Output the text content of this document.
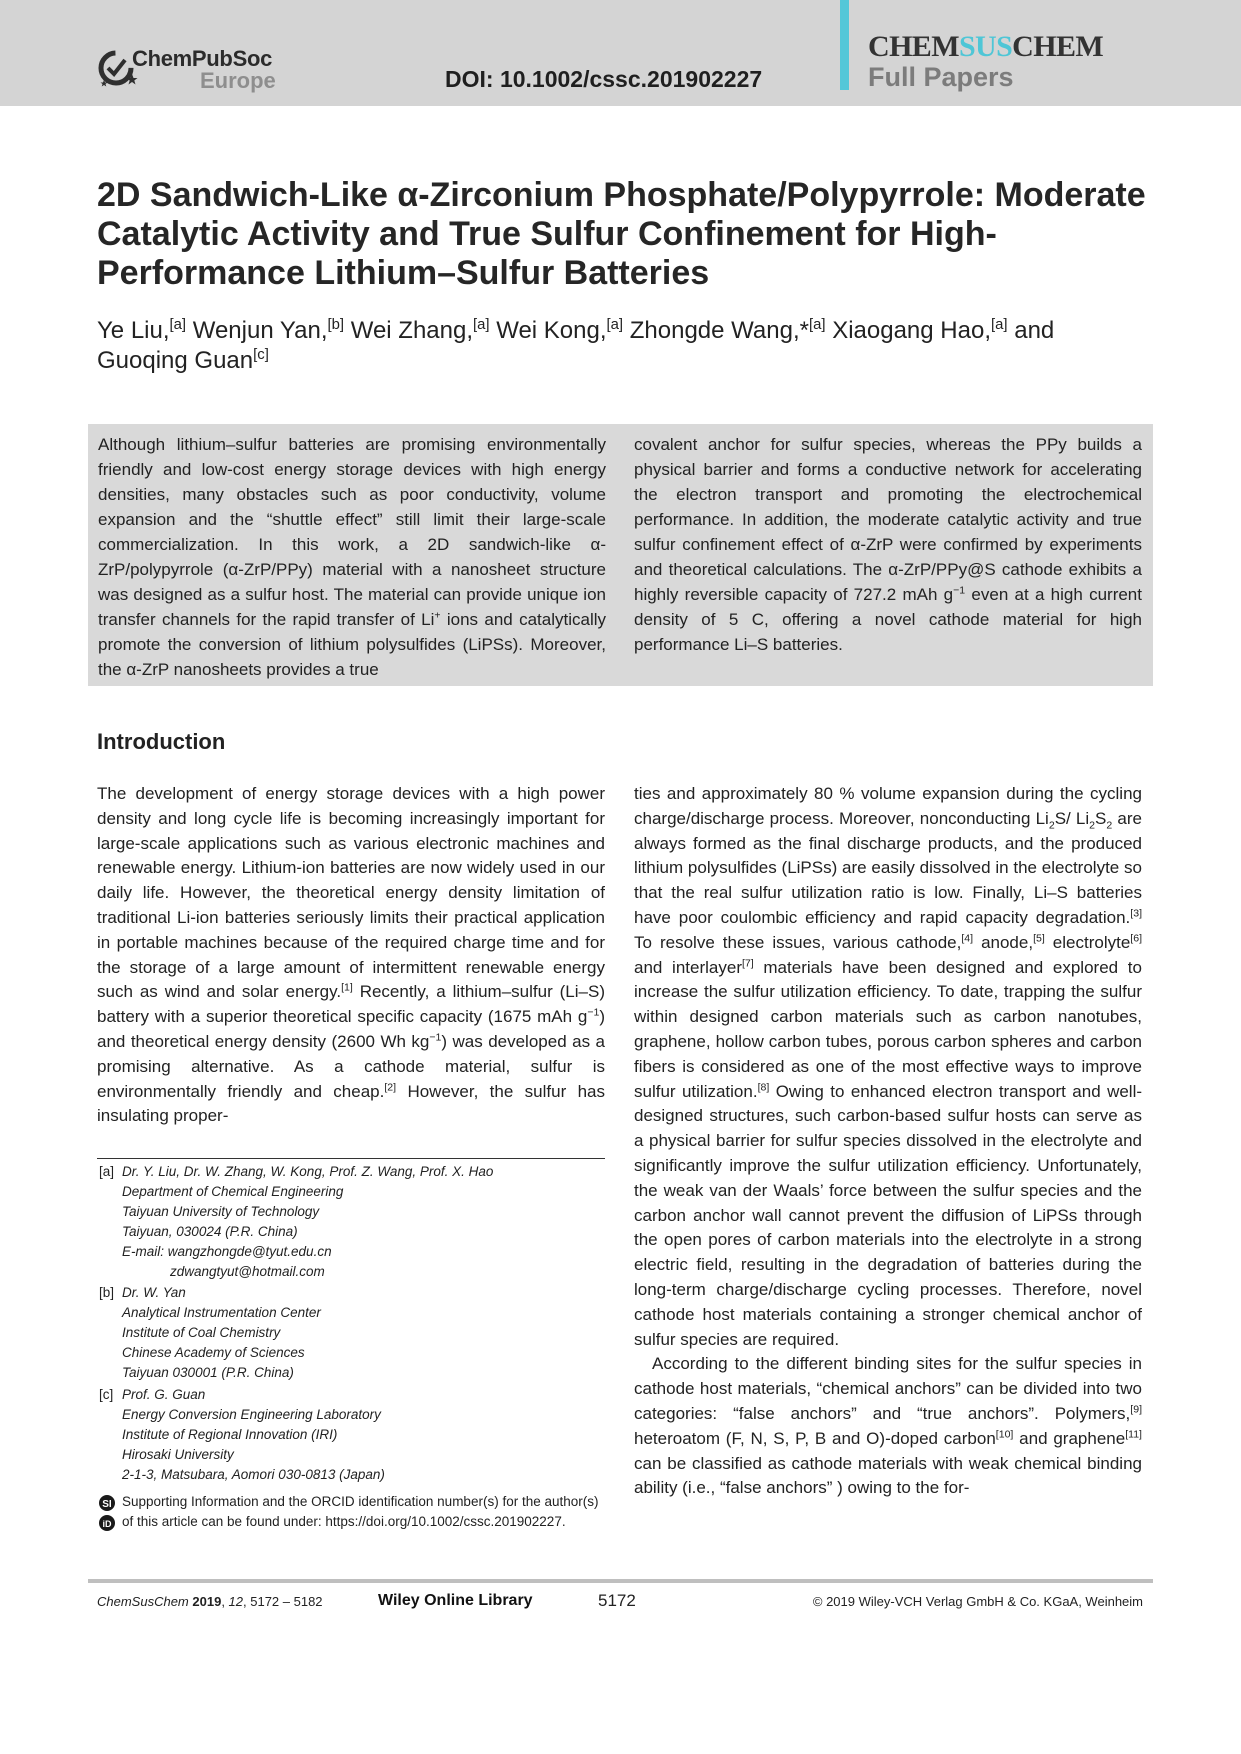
ChemPubSoc
Europe	DOI: 10.1002/cssc.201902227
CHEMSUSCHEM
Full Papers
2D Sandwich-Like α-Zirconium Phosphate/Polypyrrole: Moderate Catalytic Activity and True Sulfur Confinement for High-Performance Lithium–Sulfur Batteries

Ye Liu,[a] Wenjun Yan,[b] Wei Zhang,[a] Wei Kong,[a] Zhongde Wang,*[a] Xiaogang Hao,[a] and Guoqing Guan[c]

Although lithium–sulfur batteries are promising environmentally friendly and low-cost energy storage devices with high energy densities, many obstacles such as poor conductivity, volume expansion and the “shuttle effect” still limit their large-scale commercialization. In this work, a 2D sandwich-like α-ZrP/polypyrrole (α-ZrP/PPy) material with a nanosheet structure was designed as a sulfur host. The material can provide unique ion transfer channels for the rapid transfer of Li+ ions and catalytically promote the conversion of lithium polysulfides (LiPSs). Moreover, the α-ZrP nanosheets provides a true

covalent anchor for sulfur species, whereas the PPy builds a physical barrier and forms a conductive network for accelerating the electron transport and promoting the electrochemical performance. In addition, the moderate catalytic activity and true sulfur confinement effect of α-ZrP were confirmed by experiments and theoretical calculations. The α-ZrP/PPy@S cathode exhibits a highly reversible capacity of 727.2 mAh $g^{-1}$ even at a high current density of 5 C, offering a novel cathode material for high performance Li–S batteries.

Introduction

The development of energy storage devices with a high power density and long cycle life is becoming increasingly important for large-scale applications such as various electronic machines and renewable energy. Lithium-ion batteries are now widely used in our daily life. However, the theoretical energy density limitation of traditional Li-ion batteries seriously limits their practical application in portable machines because of the required charge time and for the storage of a large amount of intermittent renewable energy such as wind and solar energy.[1] Recently, a lithium–sulfur (Li–S) battery with a superior theoretical specific capacity (1675 mAh $g^{-1}$) and theoretical energy density (2600 Wh $kg^{-1}$) was developed as a promising alternative. As a cathode material, sulfur is environmentally friendly and cheap.[2] However, the sulfur has insulating proper-

ties and approximately 80 % volume expansion during the cycling charge/discharge process. Moreover, nonconducting $Li_2S/$ $Li_2S_2$ are always formed as the final discharge products, and the produced lithium polysulfides (LiPSs) are easily dissolved in the electrolyte so that the real sulfur utilization ratio is low. Finally, Li–S batteries have poor coulombic efficiency and rapid capacity degradation.[3] To resolve these issues, various cathode,[4] anode,[5] electrolyte[6] and interlayer[7] materials have been designed and explored to increase the sulfur utilization efficiency. To date, trapping the sulfur within designed carbon materials such as carbon nanotubes, graphene, hollow carbon tubes, porous carbon spheres and carbon fibers is considered as one of the most effective ways to improve sulfur utilization.[8] Owing to enhanced electron transport and well-designed structures, such carbon-based sulfur hosts can serve as a physical barrier for sulfur species dissolved in the electrolyte and significantly improve the sulfur utilization efficiency. Unfortunately, the weak van der Waals’ force between the sulfur species and the carbon anchor wall cannot prevent the diffusion of LiPSs through the open pores of carbon materials into the electrolyte in a strong electric field, resulting in the degradation of batteries during the long-term charge/discharge cycling processes. Therefore, novel cathode host materials containing a stronger chemical anchor of sulfur species are required.

According to the different binding sites for the sulfur species in cathode host materials, “chemical anchors” can be divided into two categories: “false anchors” and “true anchors”. Polymers,[9] heteroatom (F, N, S, P, B and O)-doped carbon[10] and graphene[11] can be classified as cathode materials with weak chemical binding ability (i.e., “false anchors” ) owing to the for-

[a] Dr. Y. Liu, Dr. W. Zhang, W. Kong, Prof. Z. Wang, Prof. X. Hao
Department of Chemical Engineering
Taiyuan University of Technology
Taiyuan, 030024 (P.R. China)
E-mail: wangzhongde@tyut.edu.cn
zdwangtyut@hotmail.com
[b] Dr. W. Yan
Analytical Instrumentation Center
Institute of Coal Chemistry
Chinese Academy of Sciences
Taiyuan 030001 (P.R. China)
[c] Prof. G. Guan
Energy Conversion Engineering Laboratory
Institute of Regional Innovation (IRI)
Hirosaki University
2-1-3, Matsubara, Aomori 030-0813 (Japan)
SI
iD
Supporting Information and the ORCID identification number(s) for the author(s) of this article can be found under: https://doi.org/10.1002/cssc.201902227.
ChemSusChem 2019, 12, 5172 – 5182	Wiley Online Library	5172	© 2019 Wiley-VCH Verlag GmbH & Co. KGaA, Weinheim
